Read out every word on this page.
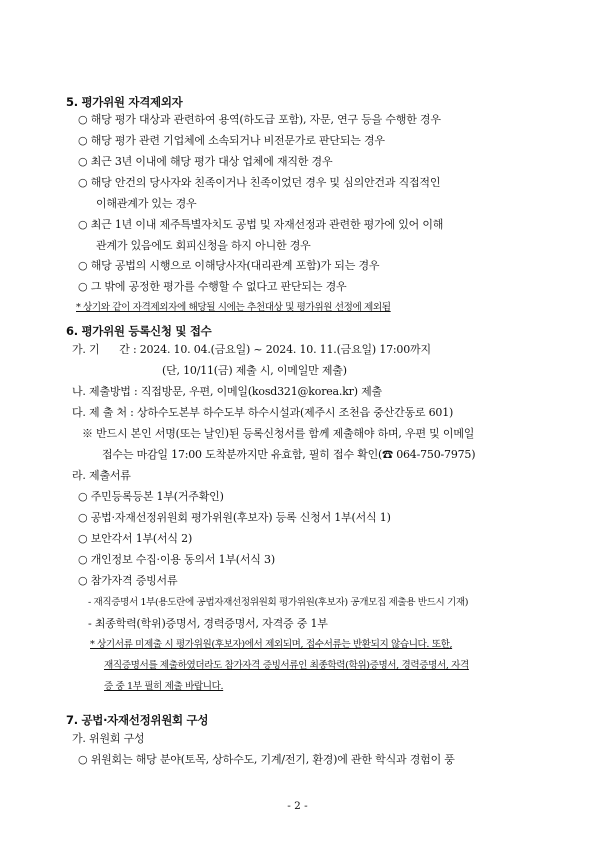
5. 평가위원 자격제외자
○ 해당 평가 대상과 관련하여 용역(하도급 포함), 자문, 연구 등을 수행한 경우
○ 해당 평가 관련 기업체에 소속되거나 비전문가로 판단되는 경우
○ 최근 3년 이내에 해당 평가 대상 업체에 재직한 경우
○ 해당 안건의 당사자와 친족이거나 친족이었던 경우 및 심의안건과 직접적인
이해관계가 있는 경우
○ 최근 1년 이내 제주특별자치도 공법 및 자재선정과 관련한 평가에 있어 이해
관계가 있음에도 회피신청을 하지 아니한 경우
○ 해당 공법의 시행으로 이해당사자(대리관계 포함)가 되는 경우
○ 그 밖에 공정한 평가를 수행할 수 없다고 판단되는 경우
* 상기와 같이 자격제외자에 해당될 시에는 추천대상 및 평가위원 선정에 제외됨
6. 평가위원 등록신청 및 접수
가. 기      간 : 2024. 10. 04.(금요일) ~ 2024. 10. 11.(금요일) 17:00까지
(단, 10/11(금) 제출 시, 이메일만 제출)
나. 제출방법 : 직접방문, 우편, 이메일(kosd321@korea.kr) 제출
다. 제 출 처 : 상하수도본부 하수도부 하수시설과(제주시 조천읍 중산간동로 601)
※ 반드시 본인 서명(또는 날인)된 등록신청서를 함께 제출해야 하며, 우편 및 이메일
접수는 마감일 17:00 도착분까지만 유효함, 필히 접수 확인(☎ 064-750-7975)
라. 제출서류
○ 주민등록등본 1부(거주확인)
○ 공법·자재선정위원회 평가위원(후보자) 등록 신청서 1부(서식 1)
○ 보안각서 1부(서식 2)
○ 개인정보 수집·이용 동의서 1부(서식 3)
○ 참가자격 증빙서류
- 재직증명서 1부(용도란에 공법자재선정위원회 평가위원(후보자) 공개모집 제출용 반드시 기재)
- 최종학력(학위)증명서, 경력증명서, 자격증 중 1부
* 상기서류 미제출 시 평가위원(후보자)에서 제외되며, 접수서류는 반환되지 않습니다. 또한,
재직증명서를 제출하였더라도 참가자격 증빙서류인 최종학력(학위)증명서, 경력증명서, 자격
증 중 1부 필히 제출 바랍니다.
7. 공법·자재선정위원회 구성
가. 위원회 구성
○ 위원회는 해당 분야(토목, 상하수도, 기계/전기, 환경)에 관한 학식과 경험이 풍
- 2 -
